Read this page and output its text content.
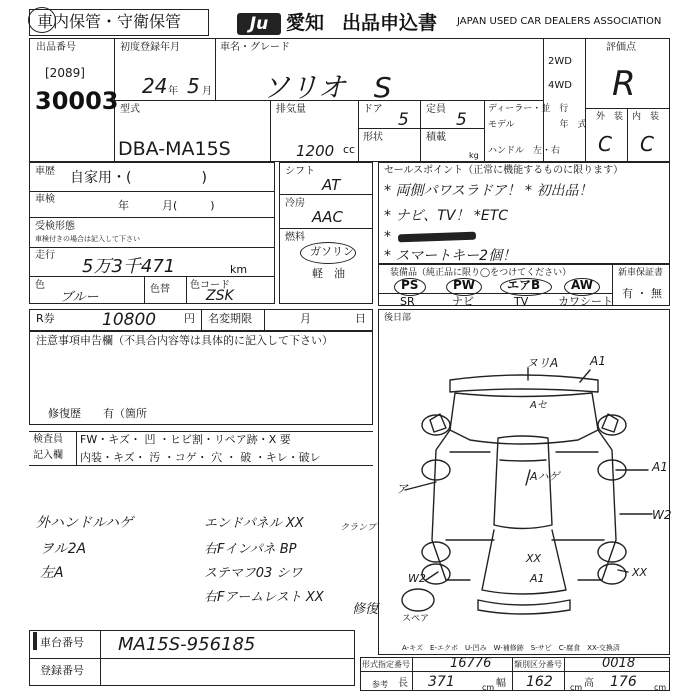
車内保管・守衛保管	Ju 愛知 出品申込書 JAPAN USED CAR DEALERS ASSOCIATION
出品番号
[2089]
30003
初度登録年月
24 年 5 月
車名・グレード
ソリオ　S
2WD
4WD
評価点
R
外　装　内　装
C C
型式
DBA-MA15S
排気量
1200 cc
ドア
5
定員
5
形状	積載
kg
ディーラー・並　行
モデル　　　　　年　式
ハンドル　左・右
車歴 自家用・(　　　　　)
車検	年　　　月(　　　)
受検形態
車検付きの場合は記入して下さい
走行
5万3千471	km
色
ブルー
色替 色コード
ZSK
シフト
AT
冷房
AAC
燃料
ガソリン
軽　油
セールスポイント（正常に機能するものに限ります）
* 両側パワスラドア！ * 初出品！
* ナビ、TV！ *ETC
*
* スマートキー2個！
装備品（純正品に限り◯をつけてください）	新車保証書
有 ・ 無
PS	PW	エアB	AW
SR	ナビ	TV	カワシート
R券	10800	円 名変期限	月　　　　日 後日部
注意事項申告欄（不具合内容等は具体的に記入して下さい）
修復歴　　有（箇所
検査員
記入欄
FW・キズ・ 凹 ・ヒビ割・リペア跡・X 要
内装・キズ・ 汚 ・コゲ・ 穴 ・ 破 ・キレ・破レ
外ハンドルハゲ	エンドパネル XX
ヲル2A	右Fインパネ BP
左A	ステマフ03 シワ
右Fアームレスト XX
クランプ
修復
車台番号 MA15S-956185
登録番号
ヌリA	A1
Aセ
ア
Aハゲ
A1
W2
XX
A1
W2	XX
スペア
A-キズ　E-エクボ　U-凹み　W-補修跡　S-サビ　C-腐食　XX-交換済
形式指定番号	16776	類別区分番号	0018
参考 長 371	cm 幅 162 cm 高 176 cm
